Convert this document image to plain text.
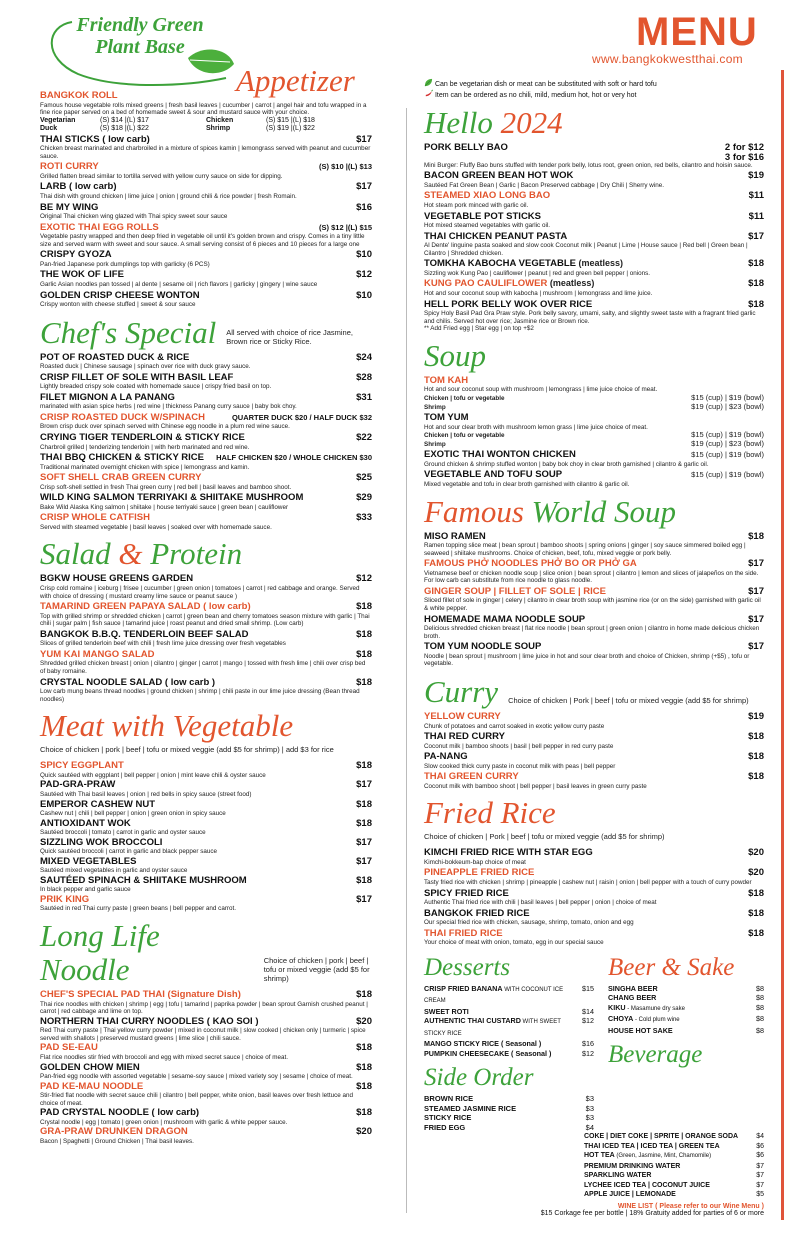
Friendly Green
Plant Base	MENU
www.bangkokwestthai.com
Appetizer
BANGKOK ROLL
Famous house vegetable rolls mixed greens | fresh basil leaves | cucumber | carrot | angel hair and tofu wrapped in a fine rice paper served on a bed of homemade sweet & sour and mustard sauce with your choice.
Vegetarian	(S) $14 |(L) $17	Chicken	(S) $15 |(L) $18
Duck	(S) $18 |(L) $22	Shrimp	(S) $19 |(L) $22
THAI STICKS ( low carb)	$17
Chicken breast marinated and charbroiled in a mixture of spices kamin | lemongrass served with peanut and cucumber sauce.
ROTI CURRY	(S) $10 |(L) $13
Grilled flatten bread similar to tortilla served with yellow curry sauce on side for dipping.
LARB ( low carb)	$17
Thai dish with ground chicken | lime juice | onion | ground chili & rice powder | fresh Romain.
BE MY WING	$16
Original Thai chicken wing glazed with Thai spicy sweet sour sauce
EXOTIC THAI EGG ROLLS	(S) $12 |(L) $15
Vegetable pastry wrapped and then deep fried in vegetable oil until it's golden brown and crispy. Comes in a tiny little size and served warm with sweet and sour sauce. A small serving consist of 6 pieces and 10 pieces for a large one
CRISPY GYOZA	$10
Pan-fried Japanese pork dumplings top with garlicky (6 PCS)
THE WOK OF LIFE	$12
Garlic Asian noodles pan tossed | al dente | sesame oil | rich flavors | garlicky | gingery | wine sauce
GOLDEN CRISP CHEESE WONTON	$10
Crispy wonton with cheese stuffed | sweet & sour sauce
Chef's Special All served with choice of rice Jasmine, Brown rice or Sticky Rice.
POT OF ROASTED DUCK & RICE	$24
Roasted duck | Chinese sausage | spinach over rice with duck gravy sauce.
CRISP FILLET OF SOLE WITH BASIL LEAF	$28
Lightly breaded crispy sole coated with homemade sauce | crispy fried basil on top.
FILET MIGNON A LA PANANG	$31
marinated with asian spice herbs | red wine | thickness Panang curry sauce | baby bok choy.
CRISP ROASTED DUCK W/SPINACH	QUARTER DUCK $20 / HALF DUCK $32
Brown crisp duck over spinach served with Chinese egg noodle in a plum red wine sauce.
CRYING TIGER TENDERLOIN & STICKY RICE	$22
Charbroil grilled | tenderizing tenderloin | with herb marinated and red wine.
THAI BBQ CHICKEN & STICKY RICE HALF CHICKEN $20 / WHOLE CHICKEN $30
Traditional marinated overnight chicken with spice | lemongrass and kamin.
SOFT SHELL CRAB GREEN CURRY	$25
Crisp soft-shell settled in fresh Thai green curry | red bell | basil leaves and bamboo shoot.
WILD KING SALMON TERRIYAKI & SHIITAKE MUSHROOM	$29
Bake Wild Alaska King salmon | shiitake | house terriyaki sauce | green bean | cauliflower
CRISP WHOLE CATFISH	$33
Served with steamed vegetable | basil leaves | soaked over with homemade sauce.
Salad & Protein
BGKW HOUSE GREENS GARDEN	$12
Crisp cold romaine | iceburg | frisee | cucumber | green onion | tomatoes | carrot | red cabbage and orange. Served with choice of dressing ( mustard creamy lime sauce or peanut sauce )
TAMARIND GREEN PAPAYA SALAD ( low carb)	$18
Top with grilled shrimp or shredded chicken | carrot | green bean and cherry tomatoes season mixture with garlic | Thai chili | sugar palm | fish sauce | tamarind juice | roast peanut and dried small shrimp. (Low carb)
BANGKOK B.B.Q. TENDERLOIN BEEF SALAD	$18
Slices of grilled tenderloin beef with chili | fresh lime juice dressing over fresh vegetables
YUM KAI MANGO SALAD	$18
Shredded grilled chicken breast | onion | cilantro | ginger | carrot | mango | tossed with fresh lime | chili over crisp bed of baby romaine.
CRYSTAL NOODLE SALAD ( low carb )	$18
Low carb mung beans thread noodles | ground chicken | shrimp | chili paste in our lime juice dressing (Bean thread noodles)
Meat with Vegetable
Choice of chicken | pork | beef | tofu or mixed veggie (add $5 for shrimp) | add $3 for rice
SPICY EGGPLANT	$18
Quick sautéed with eggplant | bell pepper | onion | mint leave chili & oyster sauce
PAD-GRA-PRAW	$17
Sautéed with Thai basil leaves | onion | red bells in spicy sauce (street food)
EMPEROR CASHEW NUT	$18
Cashew nut | chili | bell pepper | onion | green onion in spicy sauce
ANTIOXIDANT WOK	$18
Sautéed broccoli | tomato | carrot in garlic and oyster sauce
SIZZLING WOK BROCCOLI	$17
Quick sautéed broccoli | carrot in garlic and black pepper sauce
MIXED VEGETABLES	$17
Sautéed mixed vegetables in garlic and oyster sauce
SAUTÉED SPINACH & SHIITAKE MUSHROOM	$18
In black pepper and garlic sauce
PRIK KING	$17
Sautéed in red Thai curry paste | green beans | bell pepper and carrot.
Long Life Noodle	Choice of chicken | pork | beef | tofu or mixed veggie (add $5 for shrimp)
CHEF'S SPECIAL PAD THAI (Signature Dish)	$18
Thai rice noodles with chicken | shrimp | egg | tofu | tamarind | paprika powder | bean sprout Garnish crushed peanut | carrot | red cabbage and lime on top.
NORTHERN THAI CURRY NOODLES ( KAO SOI )	$20
Red Thai curry paste | Thai yellow curry powder | mixed in coconut milk | slow cooked | chicken only | turmeric | spice served with shallots | preserved mustard greens | lime slice | chili sauce.
PAD SE-EAU	$18
Flat rice noodles stir fried with broccoli and egg with mixed secret sauce | choice of meat.
GOLDEN CHOW MIEN	$18
Pan-fried egg noodle with assorted vegetable | sesame-soy sauce | mixed variety soy | sesame | choice of meat.
PAD KE-MAU NOODLE	$18
Stir-fried flat noodle with secret sauce chili | cilantro | bell pepper, white onion, basil leaves over fresh lettuce and choice of meat.
PAD CRYSTAL NOODLE ( low carb)	$18
Crystal noodle | egg | tomato | green onion | mushroom with garlic & white pepper sauce.
GRA-PRAW DRUNKEN DRAGON	$20
Bacon | Spaghetti | Ground Chicken | Thai basil leaves.
Can be vegetarian dish or meat can be substituted with soft or hard tofu
Item can be ordered as no chili, mild, medium hot, hot or very hot
Hello 2024
PORK BELLY BAO	2 for $12
3 for $16
Mini Burger: Fluffy Bao buns stuffed with tender pork belly, lotus root, green onion, red bells, cilantro and hoisin sauce.
BACON GREEN BEAN HOT WOK	$19
Sautéed Fat Green Bean | Garlic | Bacon Preserved cabbage | Dry Chili | Sherry wine.
STEAMED XIAO LONG BAO	$11
Hot steam pork minced with garlic oil.
VEGETABLE POT STICKS	$11
Hot mixed steamed vegetables with garlic oil.
THAI CHICKEN PEANUT PASTA	$17
Al Dente' linguine pasta soaked and slow cook Coconut milk | Peanut | Lime | House sauce | Red bell | Green bean | Cilantro | Shredded chicken.
TOMKHA KABOCHA VEGETABLE (meatless)	$18
Sizzling wok Kung Pao | cauliflower | peanut | red and green bell pepper | onions.
KUNG PAO CAULIFLOWER (meatless)	$18
Hot and sour coconut soup with kabocha | mushroom | lemongrass and lime juice.
HELL PORK BELLY WOK OVER RICE	$18
Spicy Holy Basil Pad Gra Praw style. Pork belly savory, umami, salty, and slightly sweet taste with a fragrant fried garlic and chilis. Served hot over rice; Jasmine rice or Brown rice.
** Add Fried egg | Star egg | on top +$2
Soup
TOM KAH
Hot and sour coconut soup with mushroom | lemongrass | lime juice choice of meat.
Chicken | tofu or vegetable	$15 (cup) | $19 (bowl)
Shrimp	$19 (cup) | $23 (bowl)
TOM YUM
Hot and sour clear broth with mushroom lemon grass | lime juice choice of meat.
Chicken | tofu or vegetable	$15 (cup) | $19 (bowl)
Shrimp	$19 (cup) | $23 (bowl)
EXOTIC THAI WONTON CHICKEN	$15 (cup) | $19 (bowl)
Ground chicken & shrimp stuffed wonton | baby bok choy in clear broth garnished | cilantro & garlic oil.
VEGETABLE AND TOFU SOUP	$15 (cup) | $19 (bowl)
Mixed vegetable and tofu in clear broth garnished with cilantro & garlic oil.
Famous World Soup
MISO RAMEN	$18
Ramen topping slice meat | bean sprout | bamboo shoots | spring onions | ginger | soy sauce simmered boiled egg | seaweed | shiitake mushrooms. Choice of chicken, beef, tofu, mixed veggie or pork belly.
FAMOUS PHỞ NOODLES PHỞ BO OR PHỞ GA	$17
Vietnamese beef or chicken noodle soup | slice onion | bean sprout | cilantro | lemon and slices of jalapeños on the side. For low carb can substitute from rice noodle to glass noodle.
GINGER SOUP | FILLET OF SOLE | RICE	$17
Sliced fillet of sole in ginger | celery | cilantro in clear broth soup with jasmine rice (or on the side) garnished with garlic oil & white pepper.
HOMEMADE MAMA NOODLE SOUP	$17
Delicious shredded chicken breast | flat rice noodle | bean sprout | green onion | cilantro in home made delicious chicken broth.
TOM YUM NOODLE SOUP	$17
Noodle | bean sprout | mushroom | lime juice in hot and sour clear broth and choice of Chicken, shrimp (+$5) , tofu or vegetable.
Curry Choice of chicken | Pork | beef | tofu or mixed veggie (add $5 for shrimp)
YELLOW CURRY	$19
Chunk of potatoes and carrot soaked in exotic yellow curry paste
THAI RED CURRY	$18
Coconut milk | bamboo shoots | basil | bell pepper in red curry paste
PA-NANG	$18
Slow cooked thick curry paste in coconut milk with peas | bell pepper
THAI GREEN CURRY	$18
Coconut milk with bamboo shoot | bell pepper | basil leaves in green curry paste
Fried Rice
Choice of chicken | Pork | beef | tofu or mixed veggie (add $5 for shrimp)
KIMCHI FRIED RICE WITH STAR EGG	$20
Kimchi-bokkeum-bap choice of meat
PINEAPPLE FRIED RICE	$20
Tasty fried rice with chicken | shrimp | pineapple | cashew nut | raisin | onion | bell pepper with a touch of curry powder
SPICY FRIED RICE	$18
Authentic Thai fried rice with chili | basil leaves | bell pepper | onion | choice of meat
BANGKOK FRIED RICE	$18
Our special fried rice with chicken, sausage, shrimp, tomato, onion and egg
THAI FRIED RICE	$18
Your choice of meat with onion, tomato, egg in our special sauce
Desserts
CRISP FRIED BANANA WITH COCONUT ICE CREAM
$15
SWEET ROTI	$14
AUTHENTIC THAI CUSTARD WITH SWEET STICKY RICE
$12
MANGO STICKY RICE ( Seasonal )	$16
PUMPKIN CHEESECAKE ( Seasonal )	$12
Side Order
BROWN RICE	$3
STEAMED JASMINE RICE	$3
STICKY RICE	$3
FRIED EGG	$4
Beer & Sake
SINGHA BEER	$8
CHANG BEER	$8
KIKU - Masamune dry sake	$8
CHOYA - Cold plum wine	$8
HOUSE HOT SAKE	$8
Beverage
COKE | DIET COKE | SPRITE | ORANGE SODA	$4
THAI ICED TEA | ICED TEA | GREEN TEA	$6
HOT TEA (Green, Jasmine, Mint, Chamomile)	$6
PREMIUM DRINKING WATER	$7
SPARKLING WATER	$7
LYCHEE ICED TEA | COCONUT JUICE	$7
APPLE JUICE | LEMONADE	$5
WINE LIST ( Please refer to our Wine Menu )
$15 Corkage fee per bottle | 18% Gratuity added for parties of 6 or more
